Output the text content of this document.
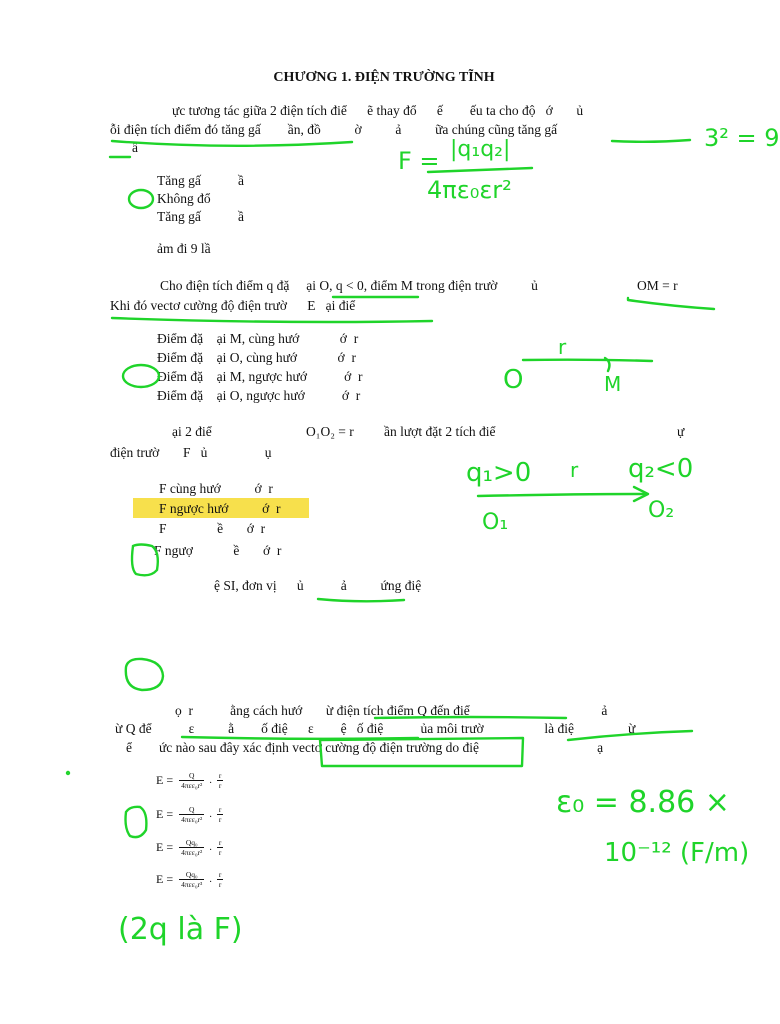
CHƯƠNG 1. ĐIỆN TRƯỜNG TĨNH
ực tương tác giữa 2 điện tích điể      ẽ thay đổ      ế        ếu ta cho độ   ớ       ủ
ỗi điện tích điểm đó tăng gấ        ần, đồ          ờ          ả          ữa chúng cũng tăng gấ
ầ
Tăng gấ           ầ
Không đổ
Tăng gấ           ầ
ảm đi 9 lầ
Cho điện tích điểm q đặ     ại O, q < 0, điểm M trong điện trườ          ủ	OM = r
Khi đó vectơ cường độ điện trườ      E   ại điể
Điểm đặ    ại M, cùng hướ            ớ  r
Điểm đặ    ại O, cùng hướ            ớ  r
Điểm đặ    ại M, ngược hướ           ớ  r
Điểm đặ    ại O, ngược hướ           ớ  r
ại 2 điể	O₁O₂ = r ần lượt đặt 2 tích điể	ự
điện trườ       F   ủ                 ụ
F cùng hướ          ớ  r
F ngược hướ          ớ  r
F               ề       ớ  r
F ngượ            ề       ớ  r
ệ SI, đơn vị      ủ           ả          ứng điệ
ọ  r           ằng cách hướ       ừ điện tích điểm Q đến điể                                       ả
ừ Q để           ε          ằ        ố điệ      ε        ệ   ố điệ           ủa môi trườ                  là điệ                ừ
ể        ức nào sau đây xác định vectơ cường độ điện trường do điệ                                   ạ
$E = \frac{Q}{\text{4πεε₀r²}}$ . $\frac{r}{r}$
$E = \frac{Q}{\text{4πεε₀r²}}$ . $\frac{r}{r}$
$E = \frac{\text{Qq₀}}{\text{4πεε₀r²}}$ . $\frac{r}{r}$
$E = \frac{\text{Qq₀}}{\text{4πεε₀r³}}$ . $\frac{r}{r}$
F = |q₁q₂|
4πε₀εr²
3² = 9
O
r
M
q₁>0 r q₂<0
O₁	O₂
ε₀ = 8.86 ×
10⁻¹² (F/m)
(2q là F)
